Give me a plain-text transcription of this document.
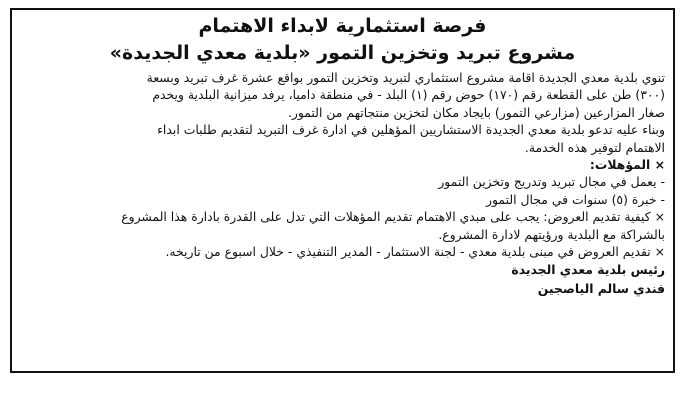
فرصة استثمارية لابداء الاهتمام
مشروع تبريد وتخزين التمور «بلدية معدي الجديدة»

تنوي بلدية معدي الجديدة اقامة مشروع استثماري لتبريد وتخزين التمور بواقع عشرة غرف تبريد وبسعة

(٣٠٠) طن على القطعة رقم (١٧٠) حوض رقم (١) البلد - في منطقة داميا، يرفد ميزانية البلدية ويخدم

صغار المزارعين (مزارعي التمور) بايجاد مكان لتخزين منتجاتهم من التمور.

وبناء عليه تدعو بلدية معدي الجديدة الاستشاريين المؤهلين في ادارة غرف التبريد لتقديم طلبات ابداء

الاهتمام لتوفير هذه الخدمة.

× المؤهلات:

- يعمل في مجال تبريد وتدريج وتخزين التمور

- خبرة (٥) سنوات في مجال التمور

× كيفية تقديم العروض: يجب على مبدي الاهتمام تقديم المؤهلات التي تدل على القدرة بادارة هذا المشروع

بالشراكة مع البلدية ورؤيتهم لادارة المشروع.

× تقديم العروض في مبنى بلدية معدي - لجنة الاستثمار - المدير التنفيذي - خلال اسبوع من تاريخه.

رئيس بلدية معدي الجديدة
فندي سالم الياصجين
